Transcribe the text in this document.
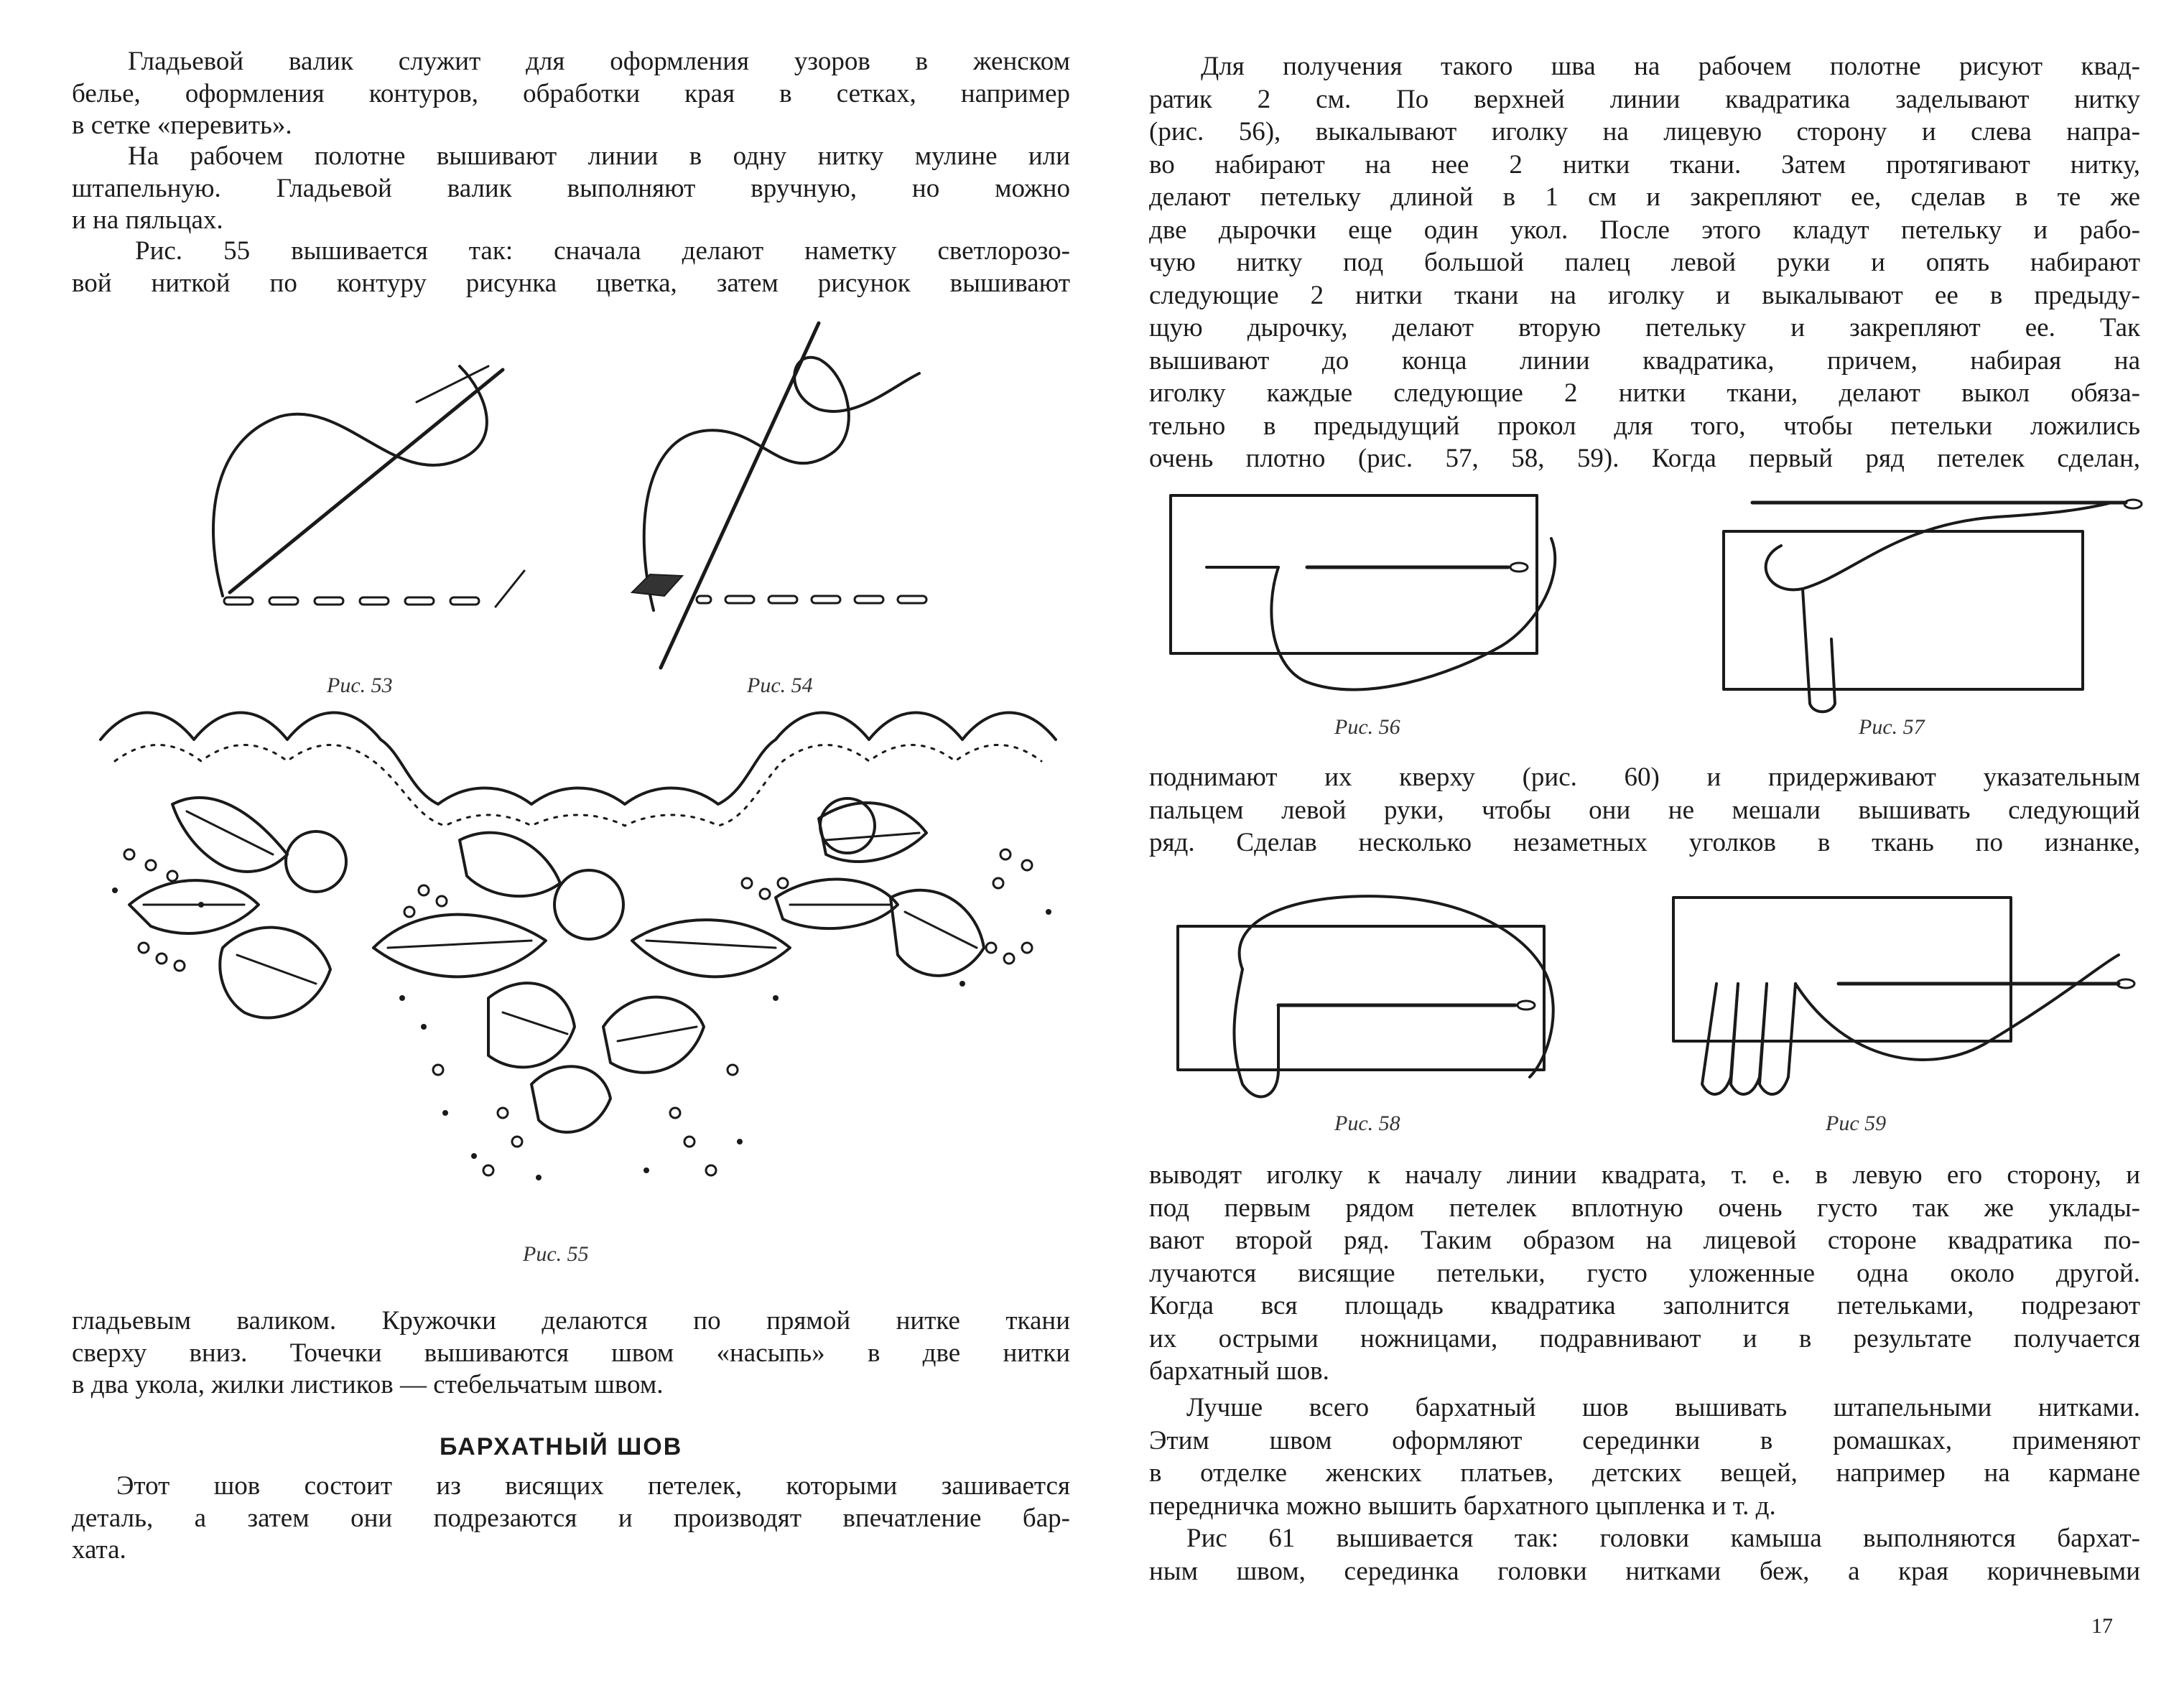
Гладьевой валик служит для оформления узоров в женском
белье, оформления контуров, обработки края в сетках, например
в сетке «перевить».
На рабочем полотне вышивают линии в одну нитку мулине или
штапельную. Гладьевой валик выполняют вручную, но можно
и на пяльцах.
Рис. 55 вышивается так: сначала делают наметку светлорозо-
вой ниткой по контуру рисунка цветка, затем рисунок вышивают

Рис. 53	Рис. 54

Рис. 55

гладьевым валиком. Кружочки делаются по прямой нитке ткани
сверху вниз. Точечки вышиваются швом «насыпь» в две нитки
в два укола, жилки листиков — стебельчатым швом.

БАРХАТНЫЙ ШОВ

Этот шов состоит из висящих петелек, которыми зашивается
деталь, а затем они подрезаются и производят впечатление бар-
хата.
Для получения такого шва на рабочем полотне рисуют квад-
ратик 2 см. По верхней линии квадратика заделывают нитку
(рис. 56), выкалывают иголку на лицевую сторону и слева напра-
во набирают на нее 2 нитки ткани. Затем протягивают нитку,
делают петельку длиной в 1 см и закрепляют ее, сделав в те же
две дырочки еще один укол. После этого кладут петельку и рабо-
чую нитку под большой палец левой руки и опять набирают
следующие 2 нитки ткани на иголку и выкалывают ее в предыду-
щую дырочку, делают вторую петельку и закрепляют ее. Так
вышивают до конца линии квадратика, причем, набирая на
иголку каждые следующие 2 нитки ткани, делают выкол обяза-
тельно в предыдущий прокол для того, чтобы петельки ложились
очень плотно (рис. 57, 58, 59). Когда первый ряд петелек сделан,

Рис. 56	Рис. 57

поднимают их кверху (рис. 60) и придерживают указательным
пальцем левой руки, чтобы они не мешали вышивать следующий
ряд. Сделав несколько незаметных уголков в ткань по изнанке,

Рис. 58	Рис 59

выводят иголку к началу линии квадрата, т. е. в левую его сторону, и
под первым рядом петелек вплотную очень густо так же уклады-
вают второй ряд. Таким образом на лицевой стороне квадратика по-
лучаются висящие петельки, густо уложенные одна около другой.
Когда вся площадь квадратика заполнится петельками, подрезают
их острыми ножницами, подравнивают и в результате получается
бархатный шов.
Лучше всего бархатный шов вышивать штапельными нитками.
Этим швом оформляют серединки в ромашках, применяют
в отделке женских платьев, детских вещей, например на кармане
передничка можно вышить бархатного цыпленка и т. д.
Рис 61 вышивается так: головки камыша выполняются бархат-
ным швом, серединка головки нитками беж, а края коричневыми

17
